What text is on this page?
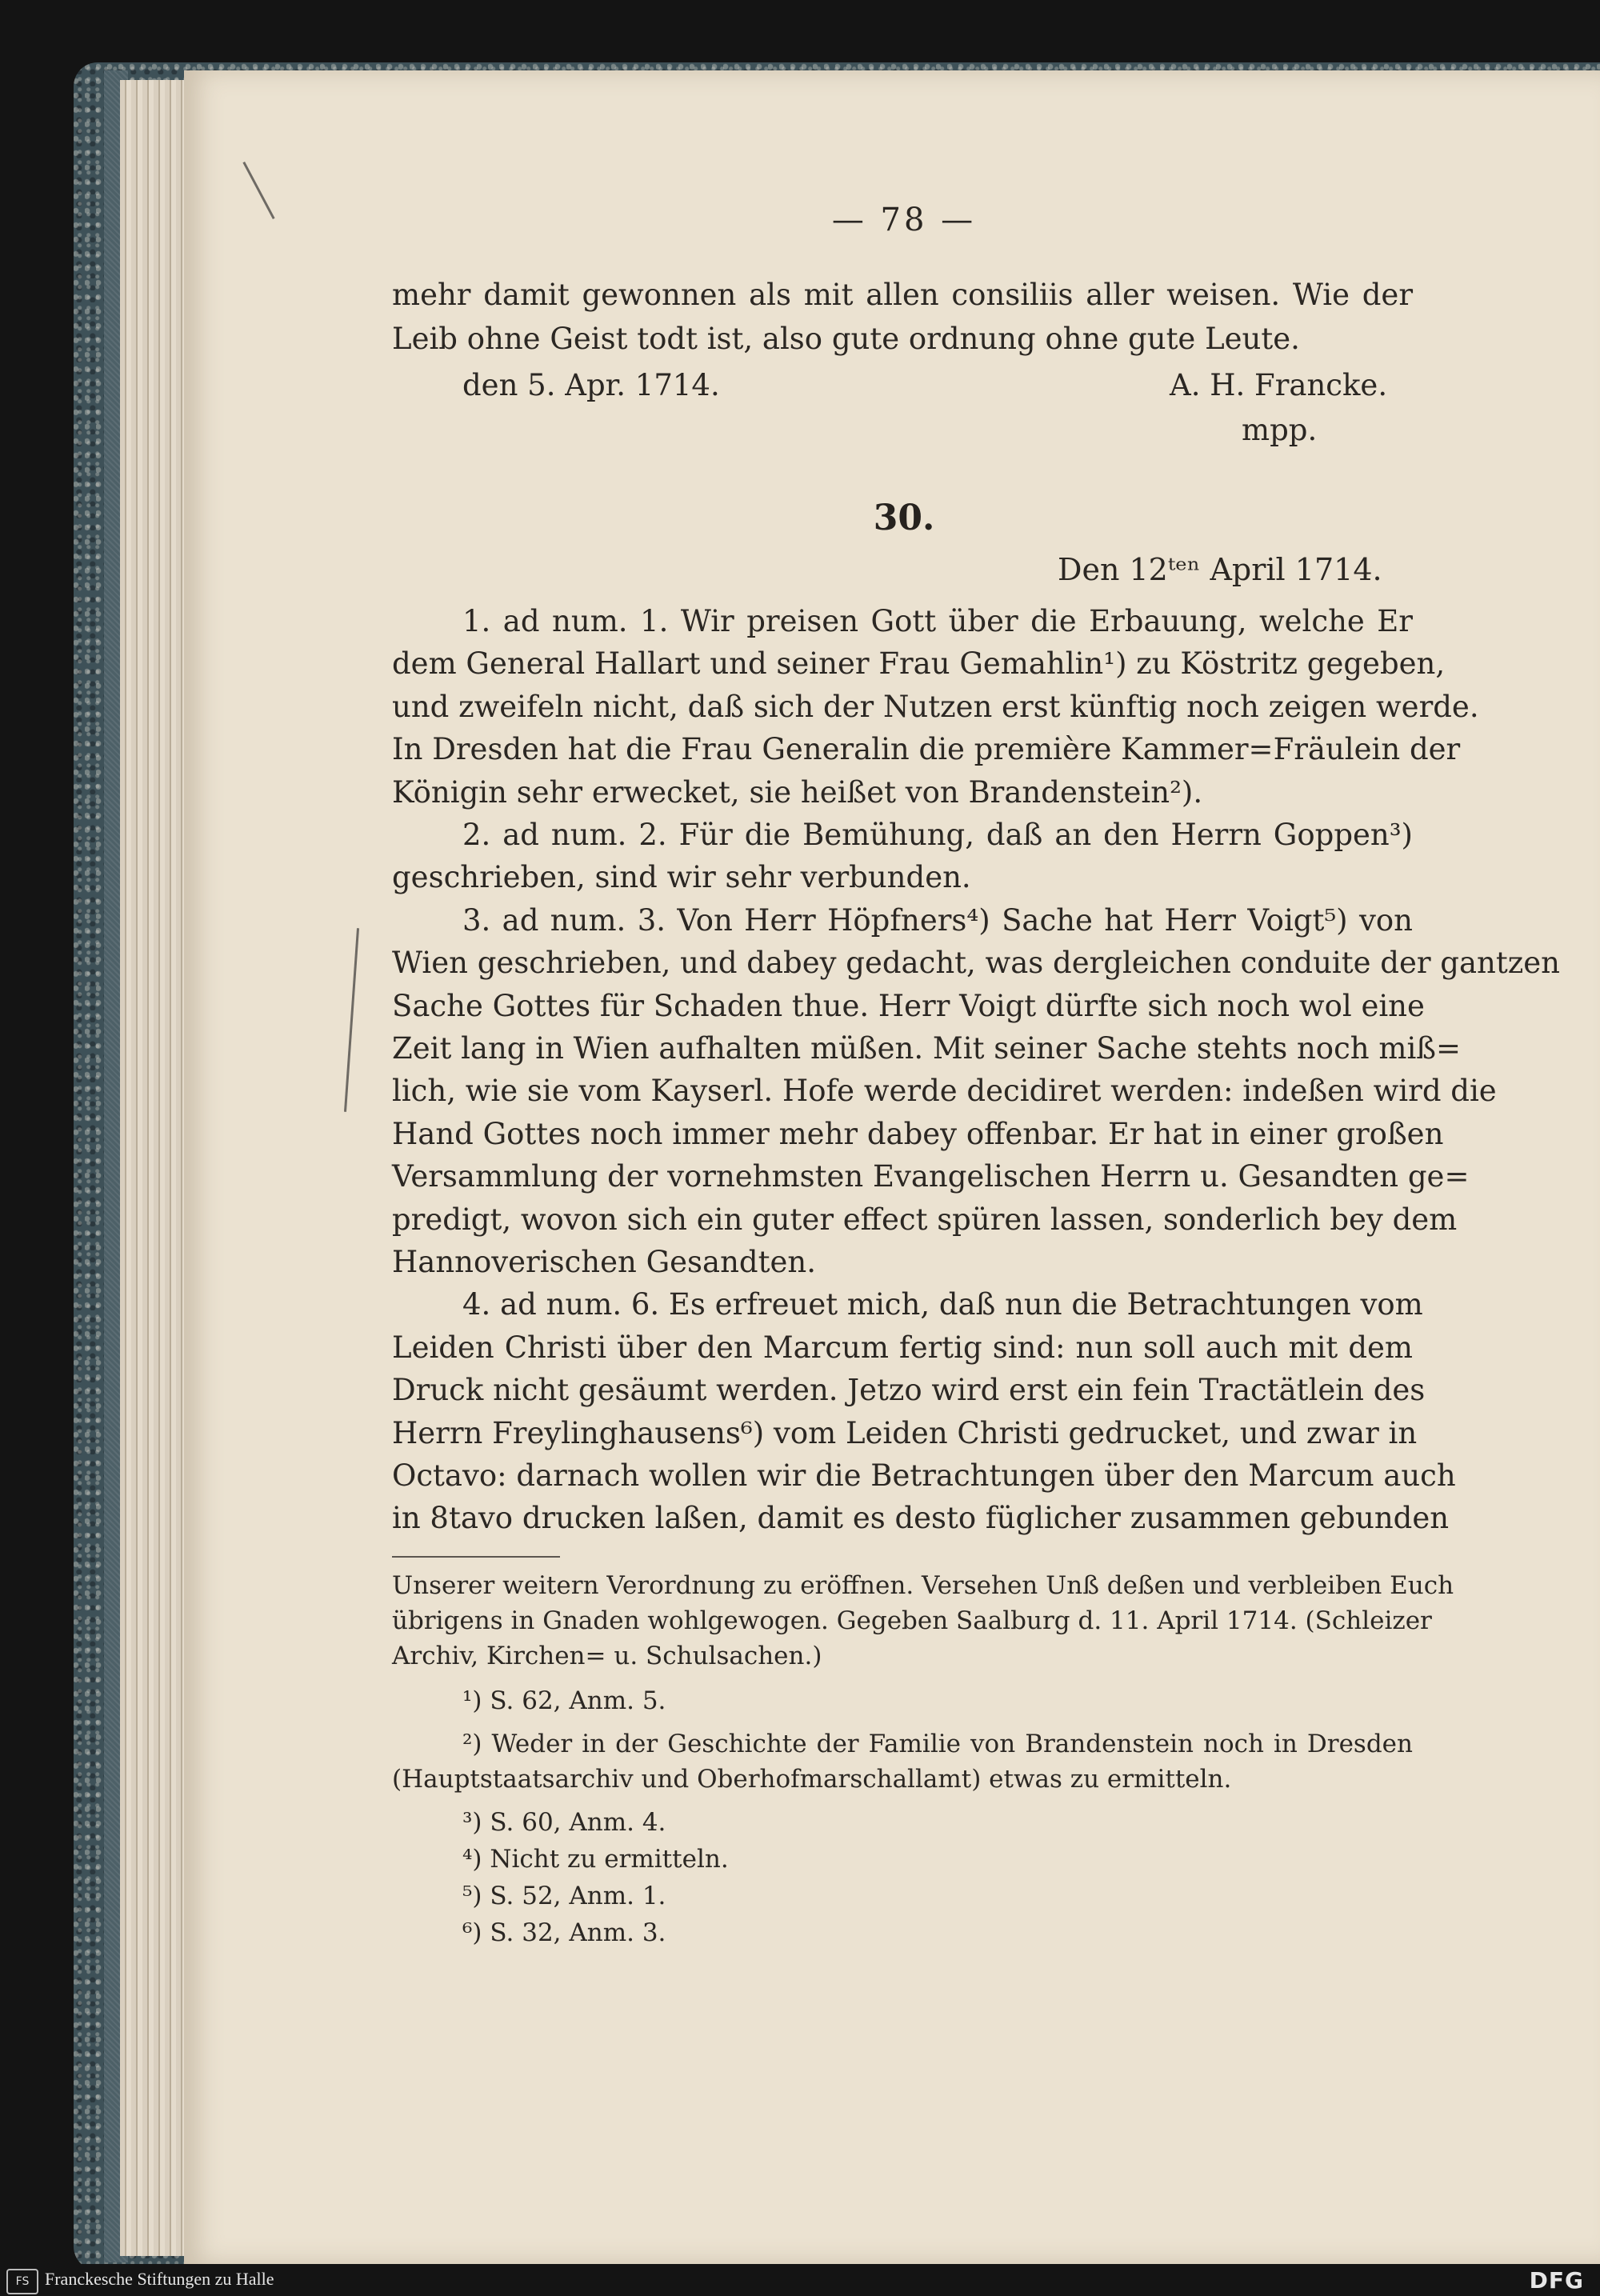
— 78 —
mehr damit gewonnen als mit allen consiliis aller weisen. Wie der
Leib ohne Geist todt ist, also gute ordnung ohne gute Leute.
den 5. Apr. 1714.	A. H. Francke.
mpp.
30.
Den 12ᵗᵉⁿ April 1714.
1. ad num. 1. Wir preisen Gott über die Erbauung, welche Er
dem General Hallart und seiner Frau Gemahlin¹) zu Köstritz gegeben,
und zweifeln nicht, daß sich der Nutzen erst künftig noch zeigen werde.
In Dresden hat die Frau Generalin die première Kammer=Fräulein der
Königin sehr erwecket, sie heißet von Brandenstein²).
2. ad num. 2. Für die Bemühung, daß an den Herrn Goppen³)
geschrieben, sind wir sehr verbunden.
3. ad num. 3. Von Herr Höpfners⁴) Sache hat Herr Voigt⁵) von
Wien geschrieben, und dabey gedacht, was dergleichen conduite der gantzen
Sache Gottes für Schaden thue. Herr Voigt dürfte sich noch wol eine
Zeit lang in Wien aufhalten müßen. Mit seiner Sache stehts noch miß=
lich, wie sie vom Kayserl. Hofe werde decidiret werden: indeßen wird die
Hand Gottes noch immer mehr dabey offenbar. Er hat in einer großen
Versammlung der vornehmsten Evangelischen Herrn u. Gesandten ge=
predigt, wovon sich ein guter effect spüren lassen, sonderlich bey dem
Hannoverischen Gesandten.
4. ad num. 6. Es erfreuet mich, daß nun die Betrachtungen vom
Leiden Christi über den Marcum fertig sind: nun soll auch mit dem
Druck nicht gesäumt werden. Jetzo wird erst ein fein Tractätlein des
Herrn Freylinghausens⁶) vom Leiden Christi gedrucket, und zwar in
Octavo: darnach wollen wir die Betrachtungen über den Marcum auch
in 8tavo drucken laßen, damit es desto füglicher zusammen gebunden
Unserer weitern Verordnung zu eröffnen. Versehen Unß deßen und verbleiben Euch
übrigens in Gnaden wohlgewogen. Gegeben Saalburg d. 11. April 1714. (Schleizer
Archiv, Kirchen= u. Schulsachen.)
¹) S. 62, Anm. 5.
²) Weder in der Geschichte der Familie von Brandenstein noch in Dresden
(Hauptstaatsarchiv und Oberhofmarschallamt) etwas zu ermitteln.
³) S. 60, Anm. 4.
⁴) Nicht zu ermitteln.
⁵) S. 52, Anm. 1.
⁶) S. 32, Anm. 3.
FS Franckesche Stiftungen zu Halle	DFG
